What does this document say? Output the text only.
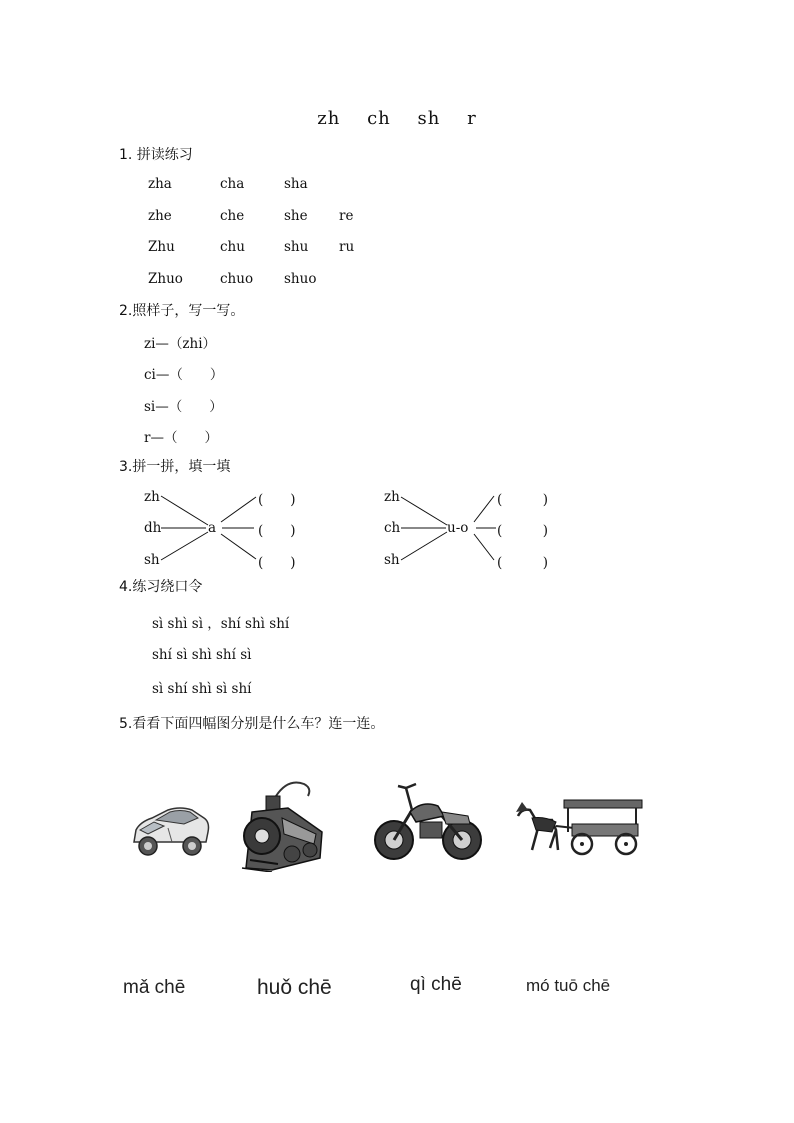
zh ch sh r
1. 拼读练习
zha	cha	sha
zhe	che	she re
Zhu	chu	shu ru
Zhuo	chuo shuo
2.照样子，写一写。
zi—（zhi）
ci—（　　）
si—（　　）
r—（　　）
3.拼一拼，填一填
zh
dh
sh
a
(　　)
(　　)
(　　)
zh
ch
sh
u-o
(　　　)
(　　　)
(　　　)
4.练习绕口令
sì shì sì ，shí shì shí
shí sì shì shí sì
sì shí shì sì shí
5.看看下面四幅图分别是什么车？连一连。
mǎ chē	huǒ chē	qì chē	mó tuō chē
